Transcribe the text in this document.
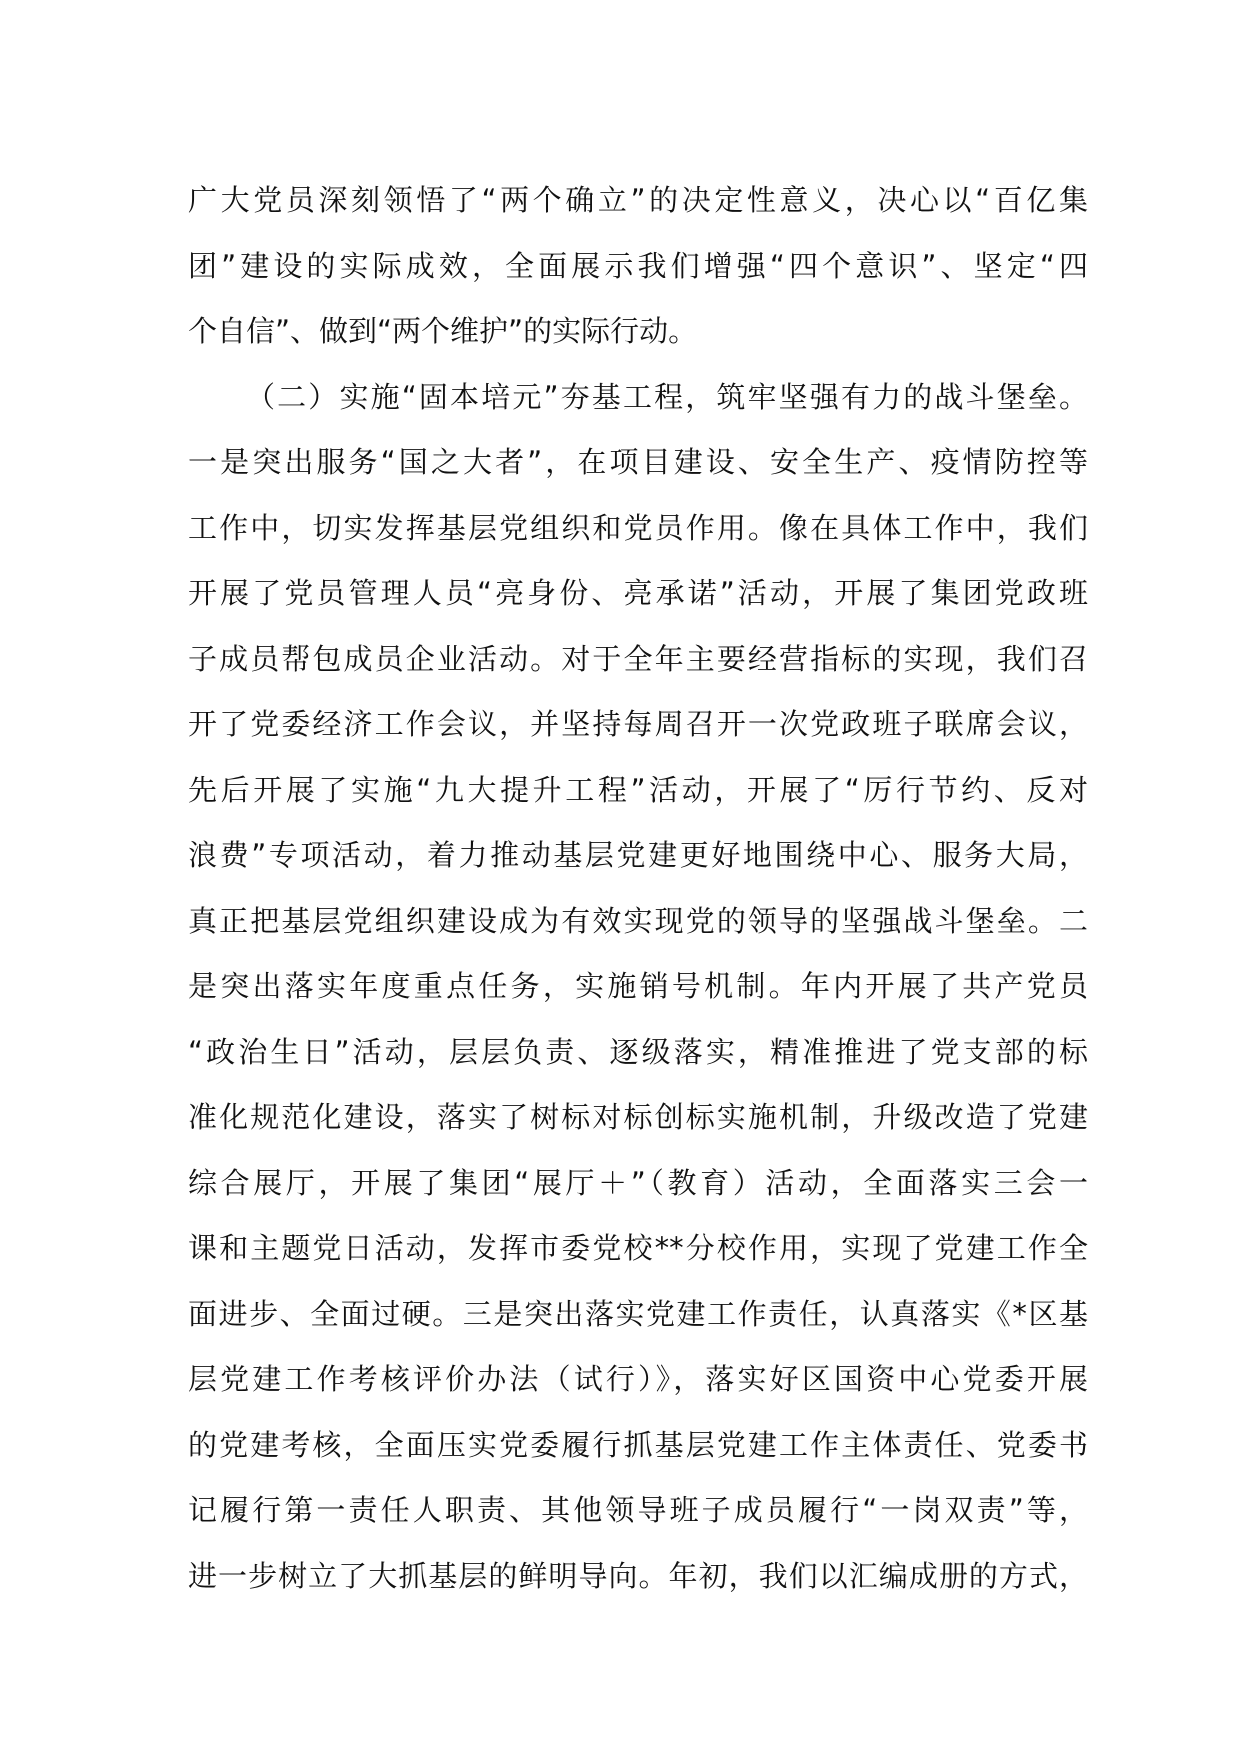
广大党员深刻领悟了“两个确立”的决定性意义，决心以“百亿集
团”建设的实际成效，全面展示我们增强“四个意识”、坚定“四
个自信”、做到“两个维护”的实际行动。
（二）实施“固本培元”夯基工程，筑牢坚强有力的战斗堡垒。
一是突出服务“国之大者”，在项目建设、安全生产、疫情防控等
工作中，切实发挥基层党组织和党员作用。像在具体工作中，我们
开展了党员管理人员“亮身份、亮承诺”活动，开展了集团党政班
子成员帮包成员企业活动。对于全年主要经营指标的实现，我们召
开了党委经济工作会议，并坚持每周召开一次党政班子联席会议，
先后开展了实施“九大提升工程”活动，开展了“厉行节约、反对
浪费”专项活动，着力推动基层党建更好地围绕中心、服务大局，
真正把基层党组织建设成为有效实现党的领导的坚强战斗堡垒。二
是突出落实年度重点任务，实施销号机制。年内开展了共产党员
“政治生日”活动，层层负责、逐级落实，精准推进了党支部的标
准化规范化建设，落实了树标对标创标实施机制，升级改造了党建
综合展厅，开展了集团“展厅＋”（教育）活动，全面落实三会一
课和主题党日活动，发挥市委党校**分校作用，实现了党建工作全
面进步、全面过硬。三是突出落实党建工作责任，认真落实《*区基
层党建工作考核评价办法（试行）》，落实好区国资中心党委开展
的党建考核，全面压实党委履行抓基层党建工作主体责任、党委书
记履行第一责任人职责、其他领导班子成员履行“一岗双责”等，
进一步树立了大抓基层的鲜明导向。年初，我们以汇编成册的方式，
